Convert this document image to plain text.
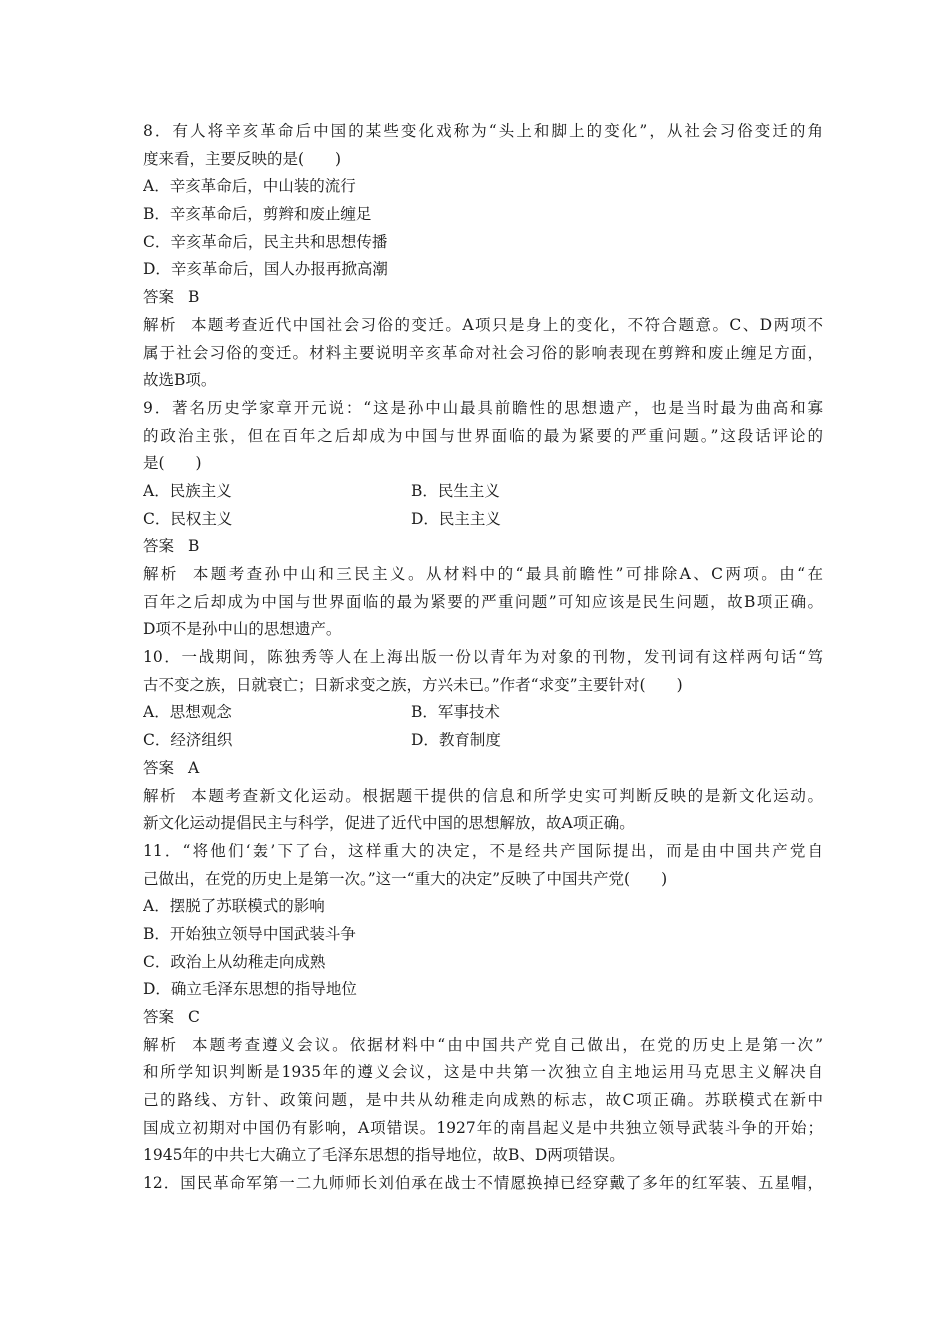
8．有人将辛亥革命后中国的某些变化戏称为“头上和脚上的变化”，从社会习俗变迁的角
度来看，主要反映的是(　　)
A．辛亥革命后，中山装的流行
B．辛亥革命后，剪辫和废止缠足
C．辛亥革命后，民主共和思想传播
D．辛亥革命后，国人办报再掀高潮
答案 B
解析 本题考查近代中国社会习俗的变迁。A项只是身上的变化，不符合题意。C、D两项不
属于社会习俗的变迁。材料主要说明辛亥革命对社会习俗的影响表现在剪辫和废止缠足方面，
故选B项。
9．著名历史学家章开元说：“这是孙中山最具前瞻性的思想遗产，也是当时最为曲高和寡
的政治主张，但在百年之后却成为中国与世界面临的最为紧要的严重问题。”这段话评论的
是(　　)
A．民族主义	B．民生主义
C．民权主义	D．民主主义
答案 B
解析 本题考查孙中山和三民主义。从材料中的“最具前瞻性”可排除A、C两项。由“在
百年之后却成为中国与世界面临的最为紧要的严重问题”可知应该是民生问题，故B项正确。
D项不是孙中山的思想遗产。
10．一战期间，陈独秀等人在上海出版一份以青年为对象的刊物，发刊词有这样两句话“笃
古不变之族，日就衰亡；日新求变之族，方兴未已。”作者“求变”主要针对(　　)
A．思想观念	B．军事技术
C．经济组织	D．教育制度
答案 A
解析 本题考查新文化运动。根据题干提供的信息和所学史实可判断反映的是新文化运动。
新文化运动提倡民主与科学，促进了近代中国的思想解放，故A项正确。
11．“将他们‘轰’下了台，这样重大的决定，不是经共产国际提出，而是由中国共产党自
己做出，在党的历史上是第一次。”这一“重大的决定”反映了中国共产党(　　)
A．摆脱了苏联模式的影响
B．开始独立领导中国武装斗争
C．政治上从幼稚走向成熟
D．确立毛泽东思想的指导地位
答案 C
解析 本题考查遵义会议。依据材料中“由中国共产党自己做出，在党的历史上是第一次”
和所学知识判断是1935年的遵义会议，这是中共第一次独立自主地运用马克思主义解决自
己的路线、方针、政策问题，是中共从幼稚走向成熟的标志，故C项正确。苏联模式在新中
国成立初期对中国仍有影响，A项错误。1927年的南昌起义是中共独立领导武装斗争的开始；
1945年的中共七大确立了毛泽东思想的指导地位，故B、D两项错误。
12．国民革命军第一二九师师长刘伯承在战士不情愿换掉已经穿戴了多年的红军装、五星帽，
